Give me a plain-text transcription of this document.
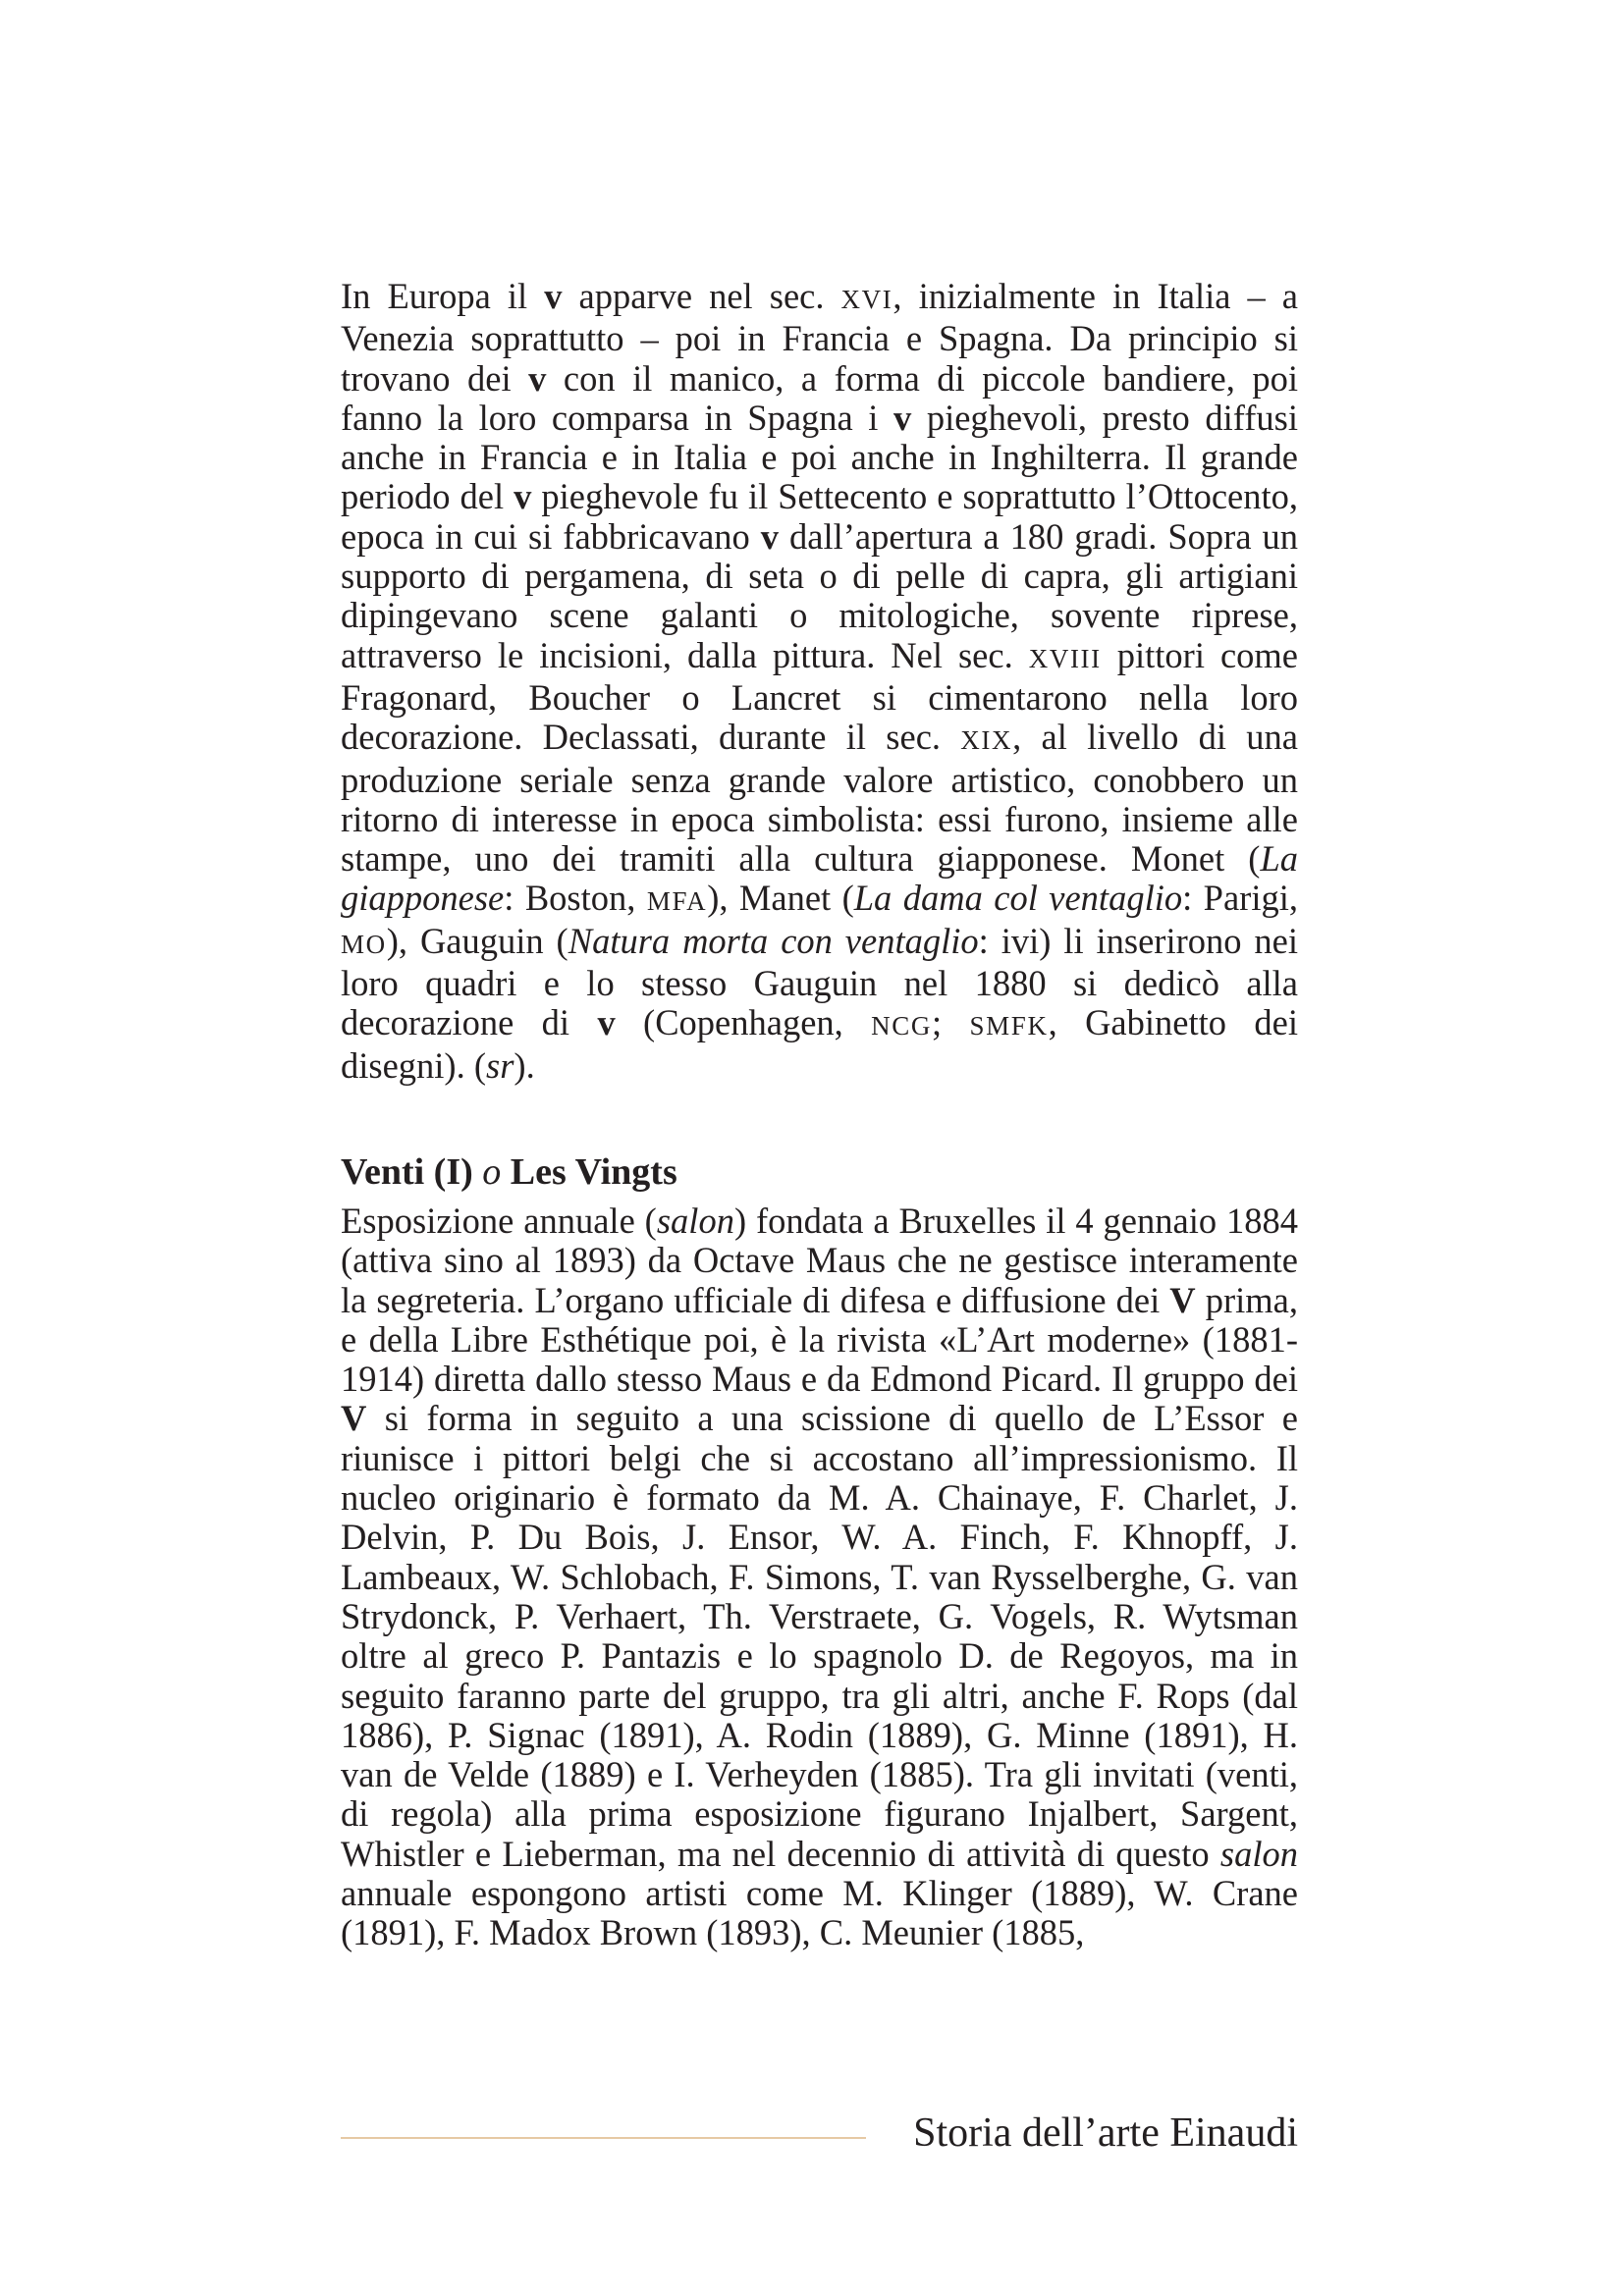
In Europa il v apparve nel sec. XVI, inizialmente in Italia – a Venezia soprattutto – poi in Francia e Spagna. Da principio si trovano dei v con il manico, a forma di piccole bandiere, poi fanno la loro comparsa in Spagna i v pieghevoli, presto diffusi anche in Francia e in Italia e poi anche in Inghilterra. Il grande periodo del v pieghevole fu il Settecento e soprattutto l’Ottocento, epoca in cui si fabbricavano v dall’apertura a 180 gradi. Sopra un supporto di pergamena, di seta o di pelle di capra, gli artigiani dipingevano scene galanti o mitologiche, sovente riprese, attraverso le incisioni, dalla pittura. Nel sec. XVIII pittori come Fragonard, Boucher o Lancret si cimentarono nella loro decorazione. Declassati, durante il sec. XIX, al livello di una produzione seriale senza grande valore artistico, conobbero un ritorno di interesse in epoca simbolista: essi furono, insieme alle stampe, uno dei tramiti alla cultura giapponese. Monet (La giapponese: Boston, MFA), Manet (La dama col ventaglio: Parigi, MO), Gauguin (Natura morta con ventaglio: ivi) li inserirono nei loro quadri e lo stesso Gauguin nel 1880 si dedicò alla decorazione di v (Copenhagen, NCG; SMFK, Gabinetto dei disegni). (sr).

Venti (I) o Les Vingts

Esposizione annuale (salon) fondata a Bruxelles il 4 gennaio 1884 (attiva sino al 1893) da Octave Maus che ne gestisce interamente la segreteria. L’organo ufficiale di difesa e diffusione dei V prima, e della Libre Esthétique poi, è la rivista «L’Art moderne» (1881-1914) diretta dallo stesso Maus e da Edmond Picard. Il gruppo dei V si forma in seguito a una scissione di quello de L’Essor e riunisce i pittori belgi che si accostano all’impressionismo. Il nucleo originario è formato da M. A. Chainaye, F. Charlet, J. Delvin, P. Du Bois, J. Ensor, W. A. Finch, F. Khnopff, J. Lambeaux, W. Schlobach, F. Simons, T. van Rysselberghe, G. van Strydonck, P. Verhaert, Th. Verstraete, G. Vogels, R. Wytsman oltre al greco P. Pantazis e lo spagnolo D. de Regoyos, ma in seguito faranno parte del gruppo, tra gli altri, anche F. Rops (dal 1886), P. Signac (1891), A. Rodin (1889), G. Minne (1891), H. van de Velde (1889) e I. Verheyden (1885). Tra gli invitati (venti, di regola) alla prima esposizione figurano Injalbert, Sargent, Whistler e Lieberman, ma nel decennio di attività di questo salon annuale espongono artisti come M. Klinger (1889), W. Crane (1891), F. Madox Brown (1893), C. Meunier (1885,

Storia dell’arte Einaudi
